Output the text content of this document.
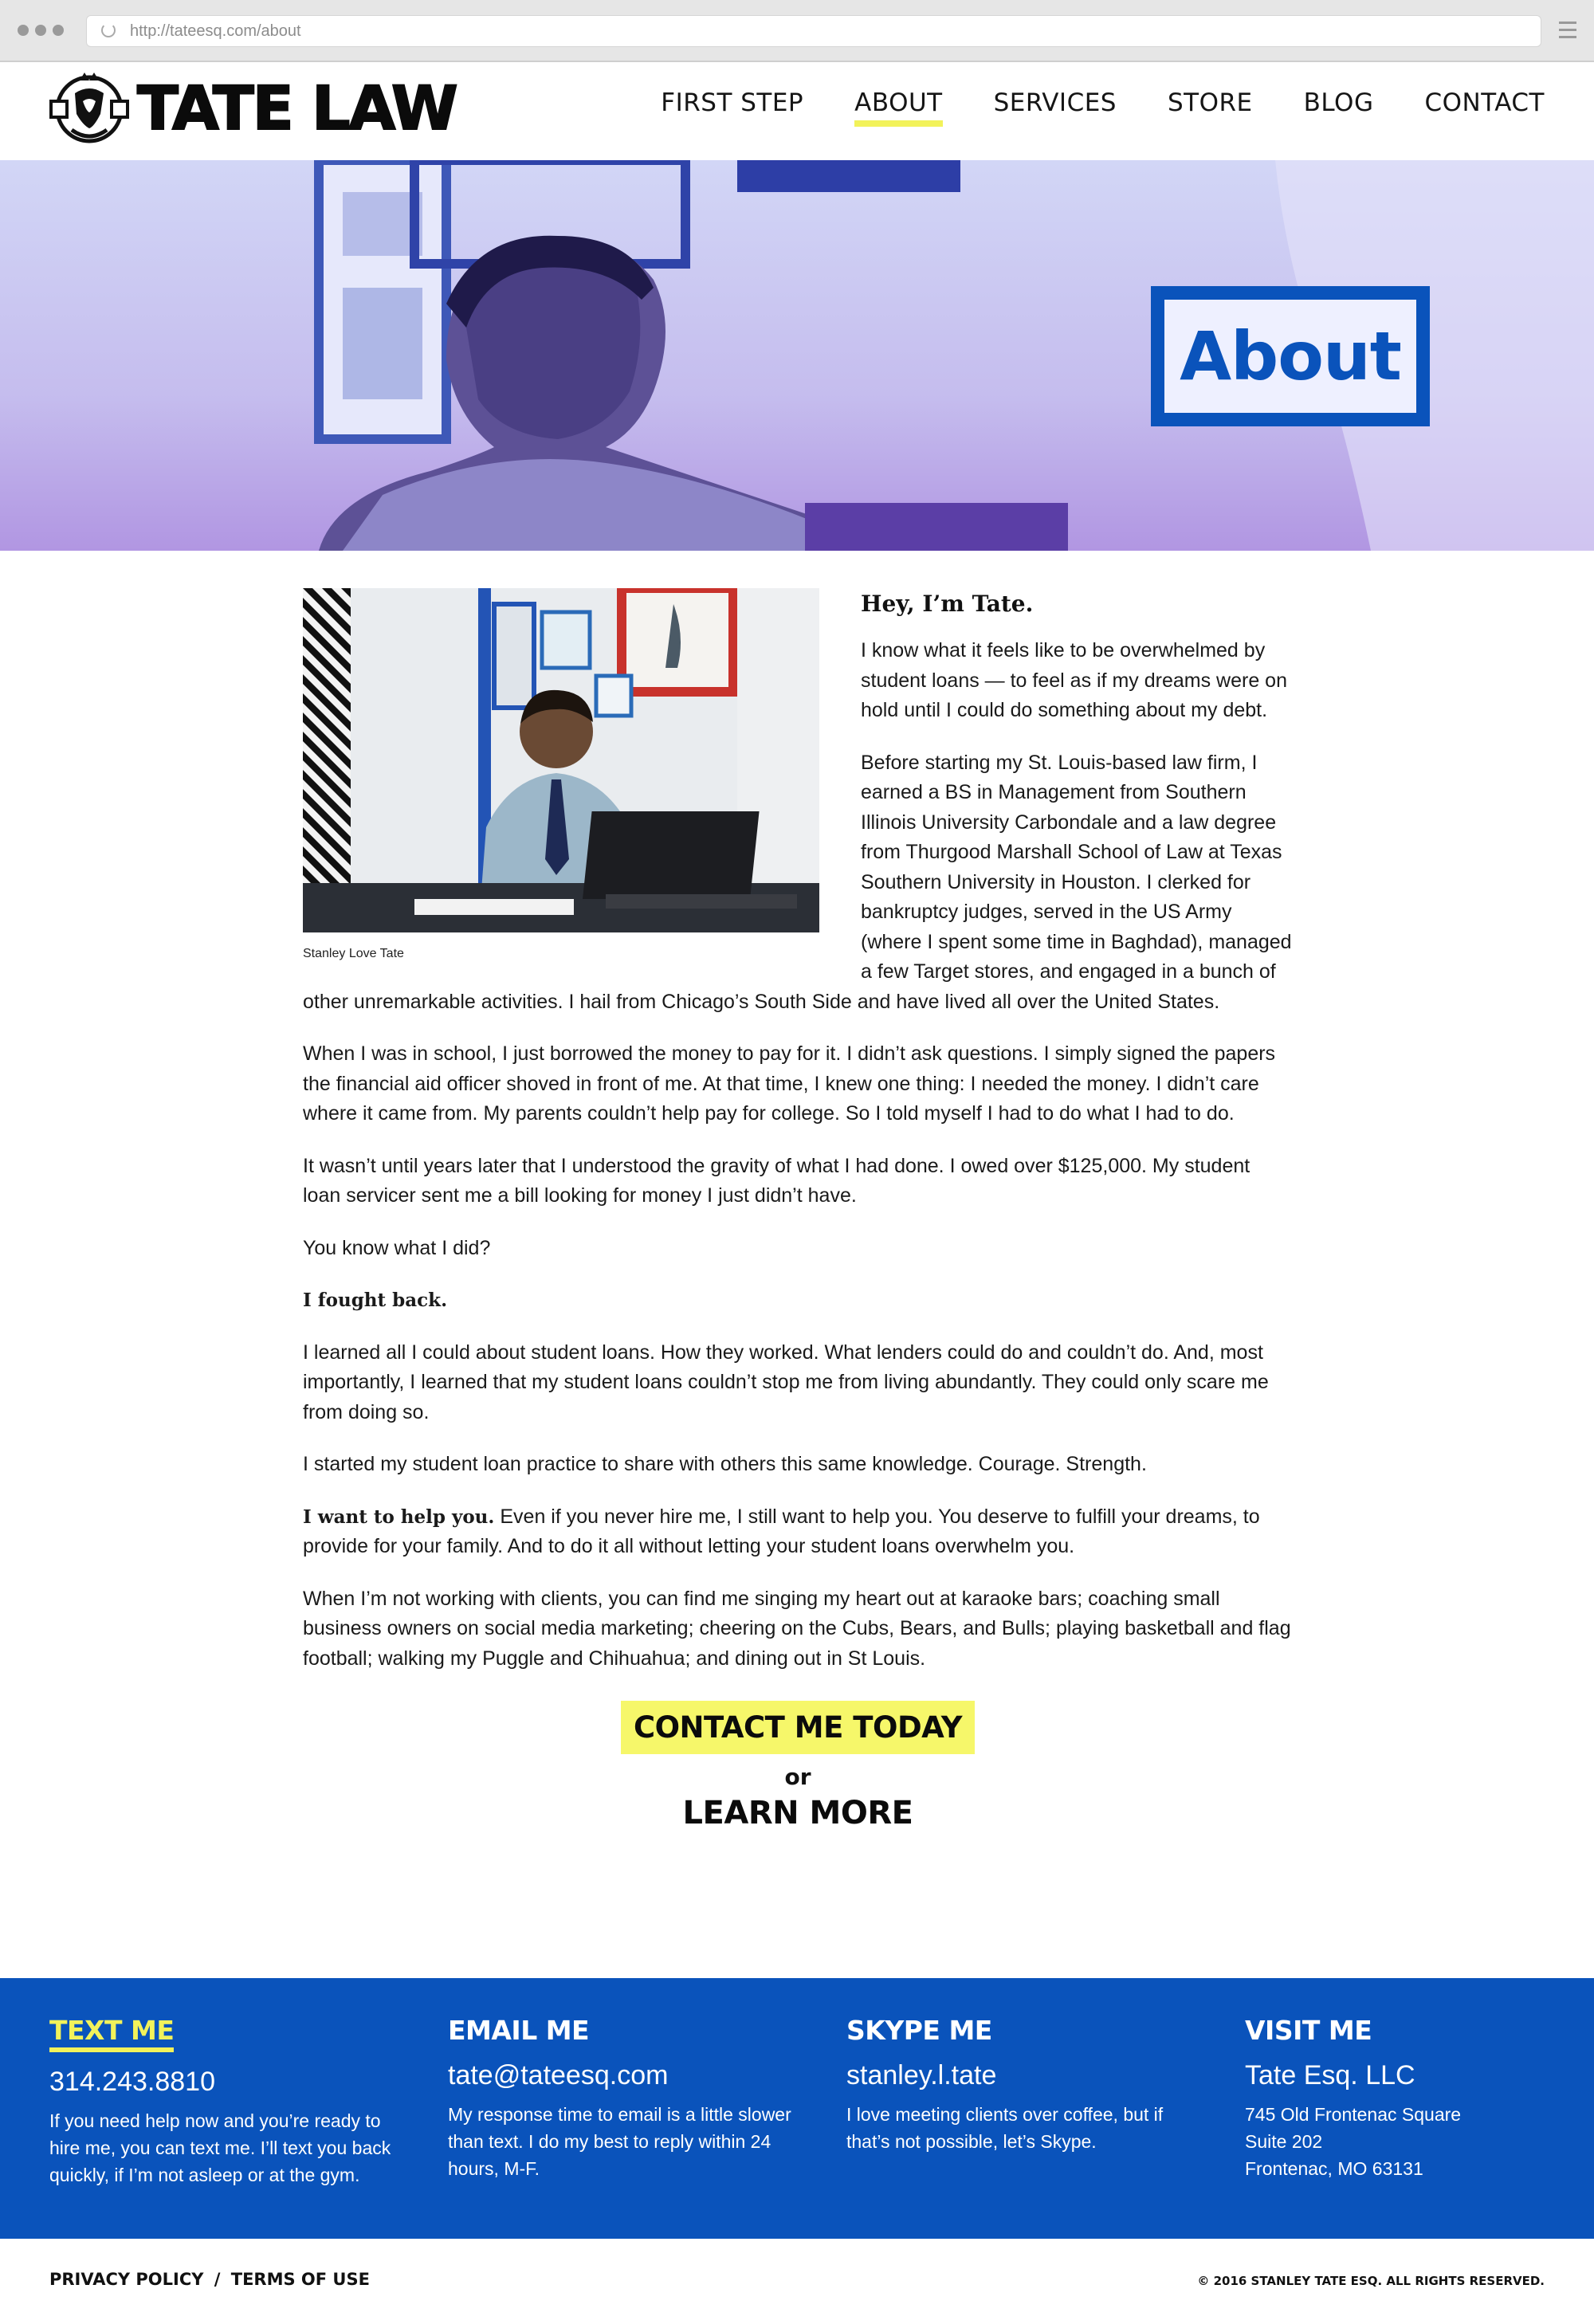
http://tateesq.com/about
TATE LAW	FIRST STEP ABOUT SERVICES STORE BLOG CONTACT
About
Stanley Love Tate
Hey, I’m Tate.

I know what it feels like to be overwhelmed by student loans — to feel as if my dreams were on hold until I could do something about my debt.

Before starting my St. Louis-based law firm, I earned a BS in Management from Southern Illinois University Carbondale and a law degree from Thurgood Marshall School of Law at Texas Southern University in Houston. I clerked for bankruptcy judges, served in the US Army (where I spent some time in Baghdad), managed a few Target stores, and engaged in a bunch of other unremarkable activities. I hail from Chicago’s South Side and have lived all over the United States.

When I was in school, I just borrowed the money to pay for it. I didn’t ask questions. I simply signed the papers the financial aid officer shoved in front of me. At that time, I knew one thing: I needed the money. I didn’t care where it came from. My parents couldn’t help pay for college. So I told myself I had to do what I had to do.

It wasn’t until years later that I understood the gravity of what I had done. I owed over $125,000. My student loan servicer sent me a bill looking for money I just didn’t have.

You know what I did?

I fought back.

I learned all I could about student loans. How they worked. What lenders could do and couldn’t do. And, most importantly, I learned that my student loans couldn’t stop me from living abundantly. They could only scare me from doing so.

I started my student loan practice to share with others this same knowledge. Courage. Strength.

I want to help you. Even if you never hire me, I still want to help you. You deserve to fulfill your dreams, to provide for your family. And to do it all without letting your student loans overwhelm you.

When I’m not working with clients, you can find me singing my heart out at karaoke bars; coaching small business owners on social media marketing; cheering on the Cubs, Bears, and Bulls; playing basketball and flag football; walking my Puggle and Chihuahua; and dining out in St Louis.

CONTACT ME TODAY
or
LEARN MORE
TEXT ME
314.243.8810
If you need help now and you’re ready to hire me, you can text me. I’ll text you back quickly, if I’m not asleep or at the gym.
EMAIL ME
tate@tateesq.com
My response time to email is a little slower than text. I do my best to reply within 24 hours, M-F.
SKYPE ME
stanley.l.tate
I love meeting clients over coffee, but if that’s not possible, let’s Skype.
VISIT ME
Tate Esq. LLC
745 Old Frontenac Square
Suite 202
Frontenac, MO 63131
PRIVACY POLICY / TERMS OF USE	© 2016 STANLEY TATE ESQ. ALL RIGHTS RESERVED.
